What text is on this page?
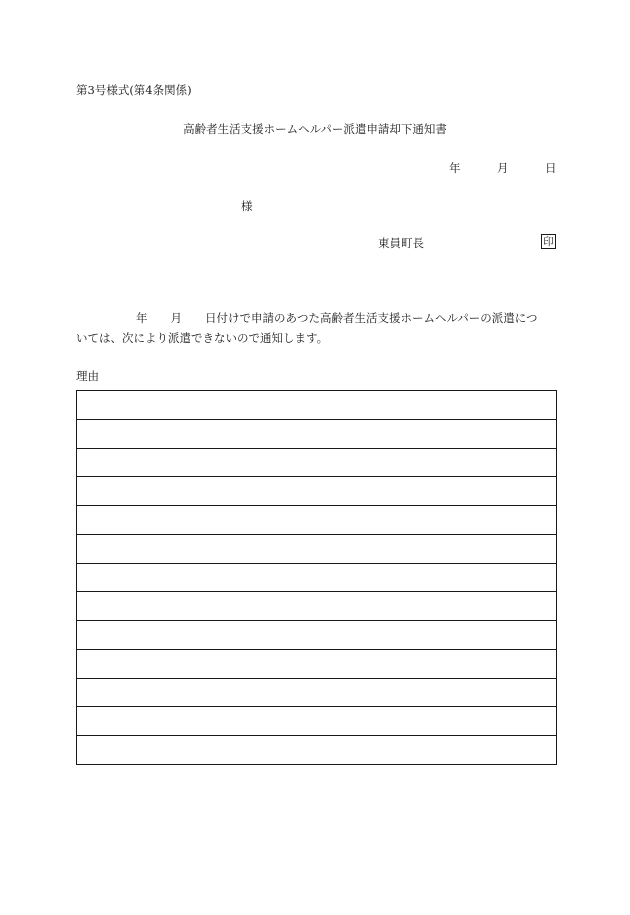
第3号様式(第4条関係)
高齢者生活支援ホームヘルパー派遣申請却下通知書
年	月	日
様
東員町長	印
年 月 日付けで申請のあつた高齢者生活支援ホームヘルパーの派遣につ
いては、次により派遣できないので通知します。
理由
